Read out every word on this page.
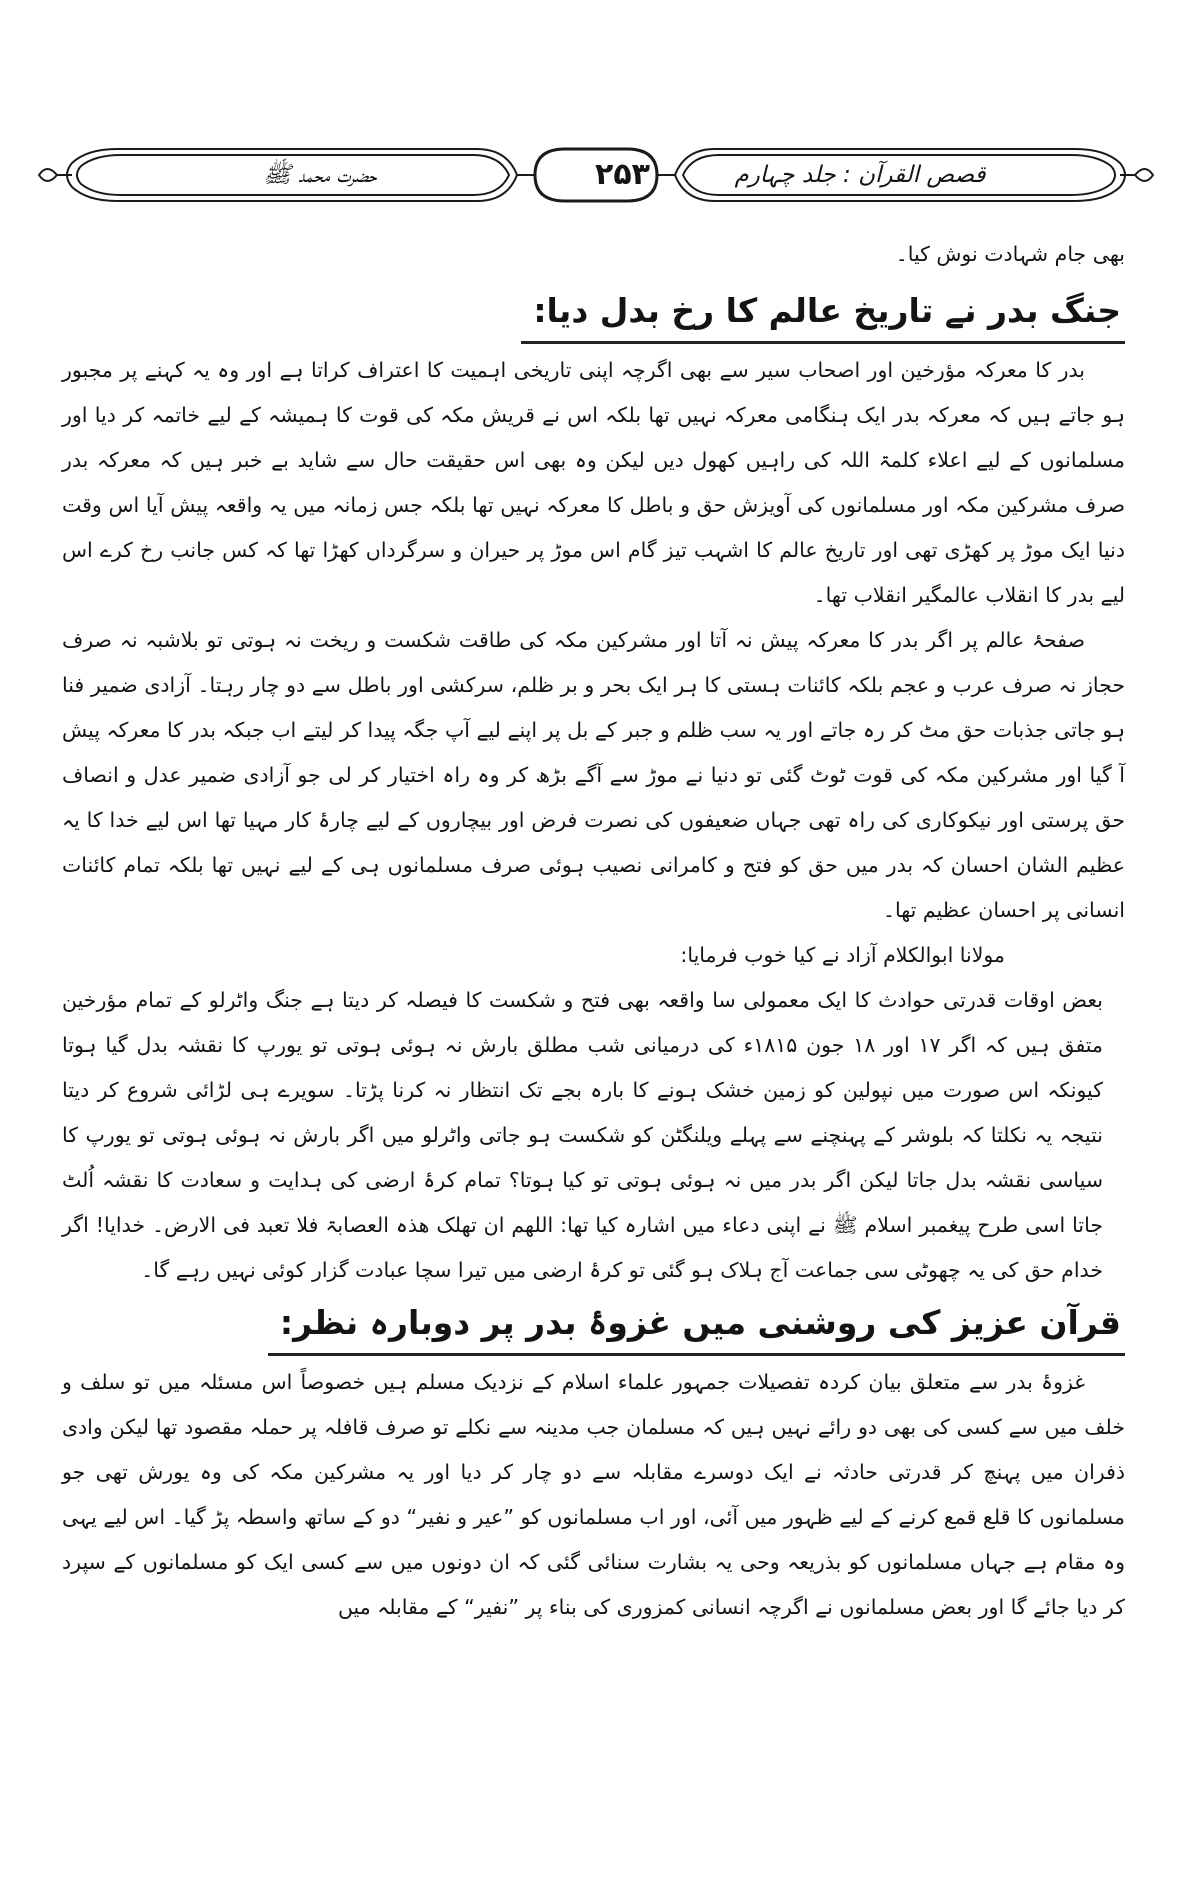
قصص القرآن : جلد چہارم
۲۵۳
حضرت محمد ﷺ

بھی جام شہادت نوش کیا۔

جنگ بدر نے تاریخ عالم کا رخ بدل دیا:

بدر کا معرکہ مؤرخین اور اصحاب سیر سے بھی اگرچہ اپنی تاریخی اہمیت کا اعتراف کراتا ہے اور وہ یہ کہنے پر مجبور ہو جاتے ہیں کہ معرکہ بدر ایک ہنگامی معرکہ نہیں تھا بلکہ اس نے قریش مکہ کی قوت کا ہمیشہ کے لیے خاتمہ کر دیا اور مسلمانوں کے لیے اعلاء کلمۃ اللہ کی راہیں کھول دیں لیکن وہ بھی اس حقیقت حال سے شاید بے خبر ہیں کہ معرکہ بدر صرف مشرکین مکہ اور مسلمانوں کی آویزش حق و باطل کا معرکہ نہیں تھا بلکہ جس زمانہ میں یہ واقعہ پیش آیا اس وقت دنیا ایک موڑ پر کھڑی تھی اور تاریخ عالم کا اشہب تیز گام اس موڑ پر حیران و سرگرداں کھڑا تھا کہ کس جانب رخ کرے اس لیے بدر کا انقلاب عالمگیر انقلاب تھا۔

صفحۂ عالم پر اگر بدر کا معرکہ پیش نہ آتا اور مشرکین مکہ کی طاقت شکست و ریخت نہ ہوتی تو بلاشبہ نہ صرف حجاز نہ صرف عرب و عجم بلکہ کائنات ہستی کا ہر ایک بحر و بر ظلم، سرکشی اور باطل سے دو چار رہتا۔ آزادی ضمیر فنا ہو جاتی جذبات حق مٹ کر رہ جاتے اور یہ سب ظلم و جبر کے بل پر اپنے لیے آپ جگہ پیدا کر لیتے اب جبکہ بدر کا معرکہ پیش آ گیا اور مشرکین مکہ کی قوت ٹوٹ گئی تو دنیا نے موڑ سے آگے بڑھ کر وہ راہ اختیار کر لی جو آزادی ضمیر عدل و انصاف حق پرستی اور نیکوکاری کی راہ تھی جہاں ضعیفوں کی نصرت فرض اور بیچاروں کے لیے چارۂ کار مہیا تھا اس لیے خدا کا یہ عظیم الشان احسان کہ بدر میں حق کو فتح و کامرانی نصیب ہوئی صرف مسلمانوں ہی کے لیے نہیں تھا بلکہ تمام کائنات انسانی پر احسان عظیم تھا۔

مولانا ابوالکلام آزاد نے کیا خوب فرمایا:

بعض اوقات قدرتی حوادث کا ایک معمولی سا واقعہ بھی فتح و شکست کا فیصلہ کر دیتا ہے جنگ واٹرلو کے تمام مؤرخین متفق ہیں کہ اگر ۱۷ اور ۱۸ جون ۱۸۱۵ء کی درمیانی شب مطلق بارش نہ ہوئی ہوتی تو یورپ کا نقشہ بدل گیا ہوتا کیونکہ اس صورت میں نپولین کو زمین خشک ہونے کا بارہ بجے تک انتظار نہ کرنا پڑتا۔ سویرے ہی لڑائی شروع کر دیتا نتیجہ یہ نکلتا کہ بلوشر کے پہنچنے سے پہلے ویلنگٹن کو شکست ہو جاتی واٹرلو میں اگر بارش نہ ہوئی ہوتی تو یورپ کا سیاسی نقشہ بدل جاتا لیکن اگر بدر میں نہ ہوئی ہوتی تو کیا ہوتا؟ تمام کرۂ ارضی کی ہدایت و سعادت کا نقشہ اُلٹ جاتا اسی طرح پیغمبر اسلام ﷺ نے اپنی دعاء میں اشارہ کیا تھا: اللھم ان تھلک ھذہ العصابۃ فلا تعبد فی الارض۔ خدایا! اگر خدام حق کی یہ چھوٹی سی جماعت آج ہلاک ہو گئی تو کرۂ ارضی میں تیرا سچا عبادت گزار کوئی نہیں رہے گا۔

قرآن عزیز کی روشنی میں غزوۂ بدر پر دوبارہ نظر:

غزوۂ بدر سے متعلق بیان کردہ تفصیلات جمہور علماء اسلام کے نزدیک مسلم ہیں خصوصاً اس مسئلہ میں تو سلف و خلف میں سے کسی کی بھی دو رائے نہیں ہیں کہ مسلمان جب مدینہ سے نکلے تو صرف قافلہ پر حملہ مقصود تھا لیکن وادی ذفران میں پہنچ کر قدرتی حادثہ نے ایک دوسرے مقابلہ سے دو چار کر دیا اور یہ مشرکین مکہ کی وہ یورش تھی جو مسلمانوں کا قلع قمع کرنے کے لیے ظہور میں آئی، اور اب مسلمانوں کو ”عیر و نفیر“ دو کے ساتھ واسطہ پڑ گیا۔ اس لیے یہی وہ مقام ہے جہاں مسلمانوں کو بذریعہ وحی یہ بشارت سنائی گئی کہ ان دونوں میں سے کسی ایک کو مسلمانوں کے سپرد کر دیا جائے گا اور بعض مسلمانوں نے اگرچہ انسانی کمزوری کی بناء پر ”نفیر“ کے مقابلہ میں
